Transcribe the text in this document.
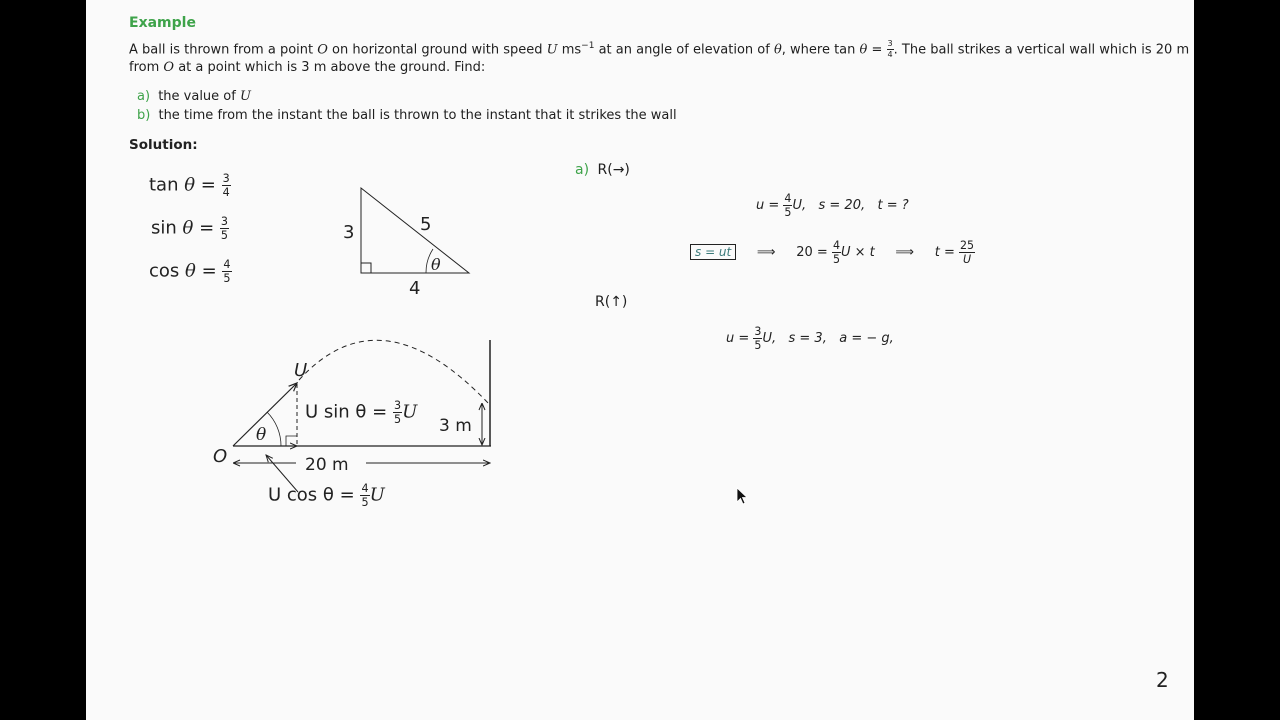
Example
A ball is thrown from a point O on horizontal ground with speed U $ms^{-1}$ at an angle of elevation of θ, where $\tan \theta = \frac{3}{4}$ . The ball strikes a vertical wall which is 20 m
from O at a point which is 3 m above the ground. Find:
a) the value of U
b) the time from the instant the ball is thrown to the instant that it strikes the wall
Solution:
$\tan \theta = \frac{3}{4}$
$\sin \theta = \frac{3}{5}$
$\cos \theta = \frac{4}{5}$
3	5
4
θ
O
U
θ	3 m
20 m
U $\sin \theta = \frac{3}{5}$ U
U $\cos \theta = \frac{4}{5}$ U
a) R(→)
$u = \frac{4}{5} U$, s = 20, t = ?
s = ut ⟹ $20 = \frac{4}{5}$ U × t ⟹ $t = \frac{25}{U}$
R(↑)
$u = \frac{3}{5} U$, s = 3, a = − g,
2
